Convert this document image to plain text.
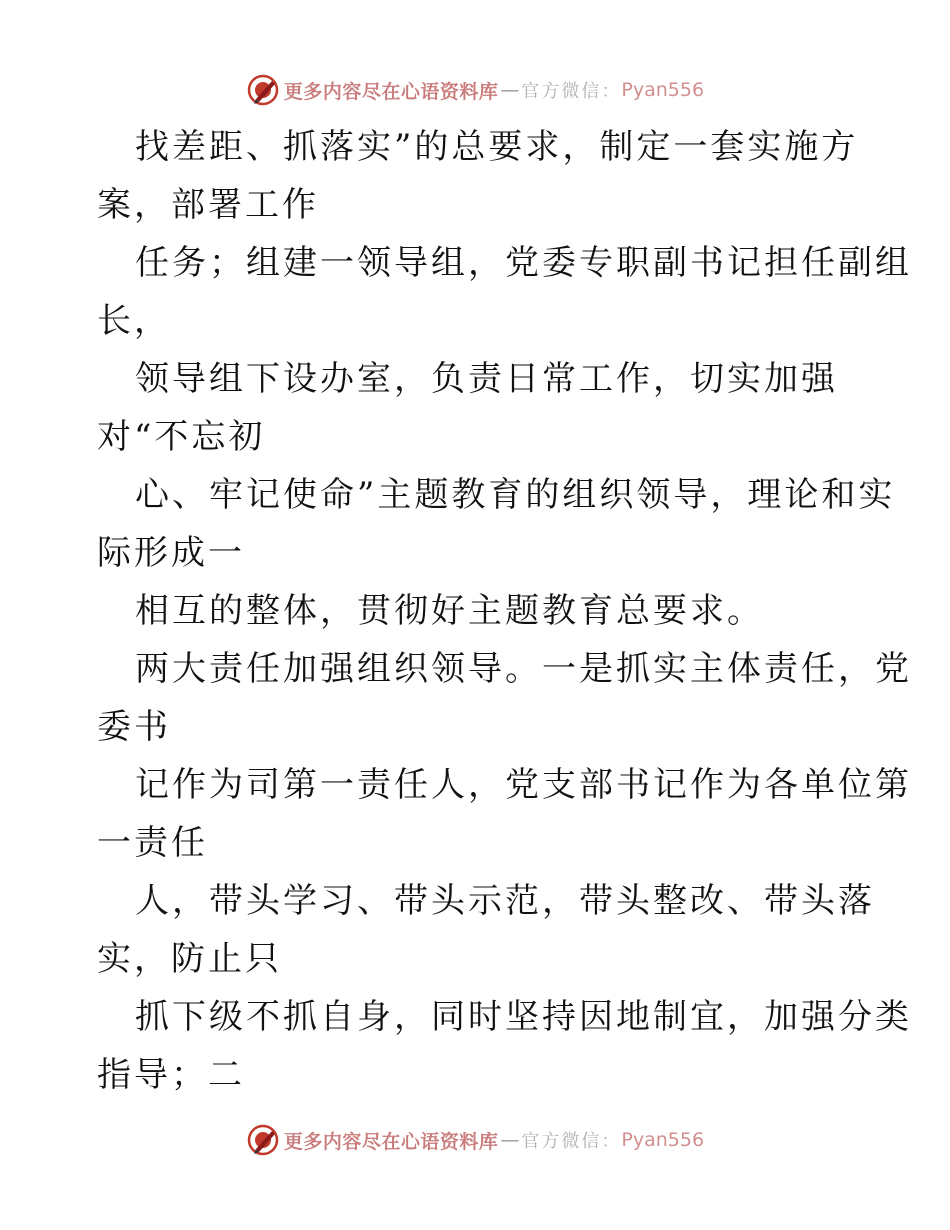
更多内容尽在心语资料库 — 官方微信： Pyan556
找差距、抓落实”的总要求，制定一套实施方
案，部署工作
任务；组建一领导组，党委专职副书记担任副组
长，
领导组下设办室，负责日常工作，切实加强
对“不忘初
心、牢记使命”主题教育的组织领导，理论和实
际形成一
相互的整体，贯彻好主题教育总要求。
两大责任加强组织领导。一是抓实主体责任，党
委书
记作为司第一责任人，党支部书记作为各单位第
一责任
人，带头学习、带头示范，带头整改、带头落
实，防止只
抓下级不抓自身，同时坚持因地制宜，加强分类
指导；二
更多内容尽在心语资料库 — 官方微信： Pyan556
